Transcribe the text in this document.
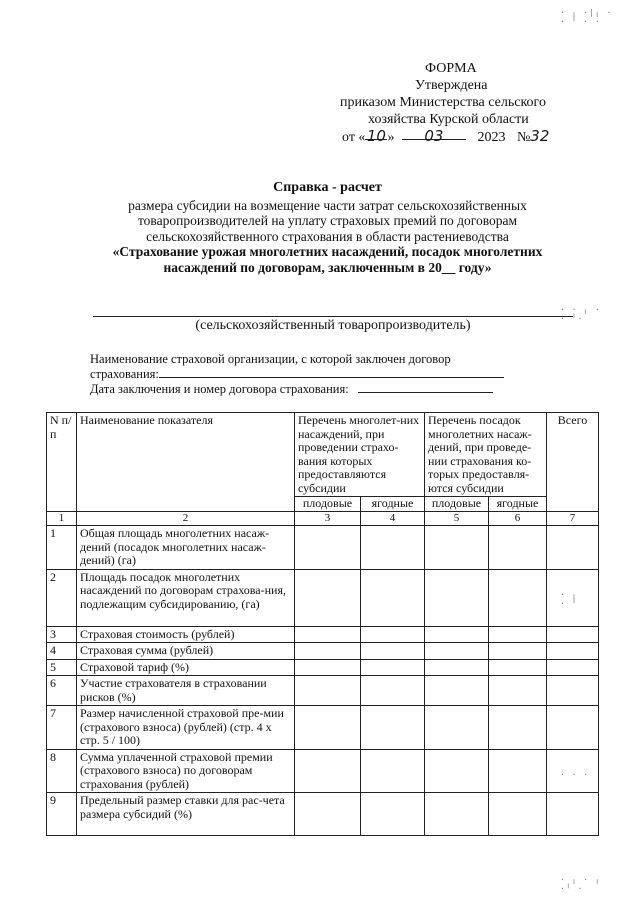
ФОРМА
Утверждена
приказом Министерства сельского
хозяйства Курской области
от «10» 03 2023 №32
Справка - расчет
размера субсидии на возмещение части затрат сельскохозяйственных
товаропроизводителей на уплату страховых премий по договорам
сельскохозяйственного страхования в области растениеводства
«Страхование урожая многолетних насаждений, посадок многолетних
насаждений по договорам, заключенным в 20__ году»
(сельскохозяйственный товаропроизводитель)
Наименование страховой организации, с которой заключен договор
страхования:
Дата заключения и номер договора страхования:
N п/п	Наименование показателя	Перечень многолет-них насаждений, при проведении страхо-вания которых предоставляются субсидии		Перечень посадок многолетних насаж-дений, при проведе-нии страхования ко-торых предоставля-ются субсидии		Всего
		плодовые	ягодные	плодовые	ягодные	
1	2	3	4	5	6	7
1	Общая площадь многолетних насаж-дений (посадок многолетних насаж-дений) (га)					
2	Площадь посадок многолетних насаждений по договорам страхова-ния, подлежащим субсидированию, (га)					
3	Страховая стоимость (рублей)					
4	Страховая сумма (рублей)					
5	Страховой тариф (%)					
6	Участие страхователя в страховании рисков (%)					
7	Размер начисленной страховой пре-мии (страхового взноса) (рублей) (стр. 4 x стр. 5 / 100)					
8	Сумма уплаченной страховой премии (страхового взноса) по договорам страхования (рублей)					
9	Предельный размер ставки для рас-чета размера субсидий (%)					
· ╷ ·|╷ ·
· ╵ · ·
· · ╷ ·
· ╵·
· ╷
· ╵
· · ·
· ╷ · ╷
·╵ ·
